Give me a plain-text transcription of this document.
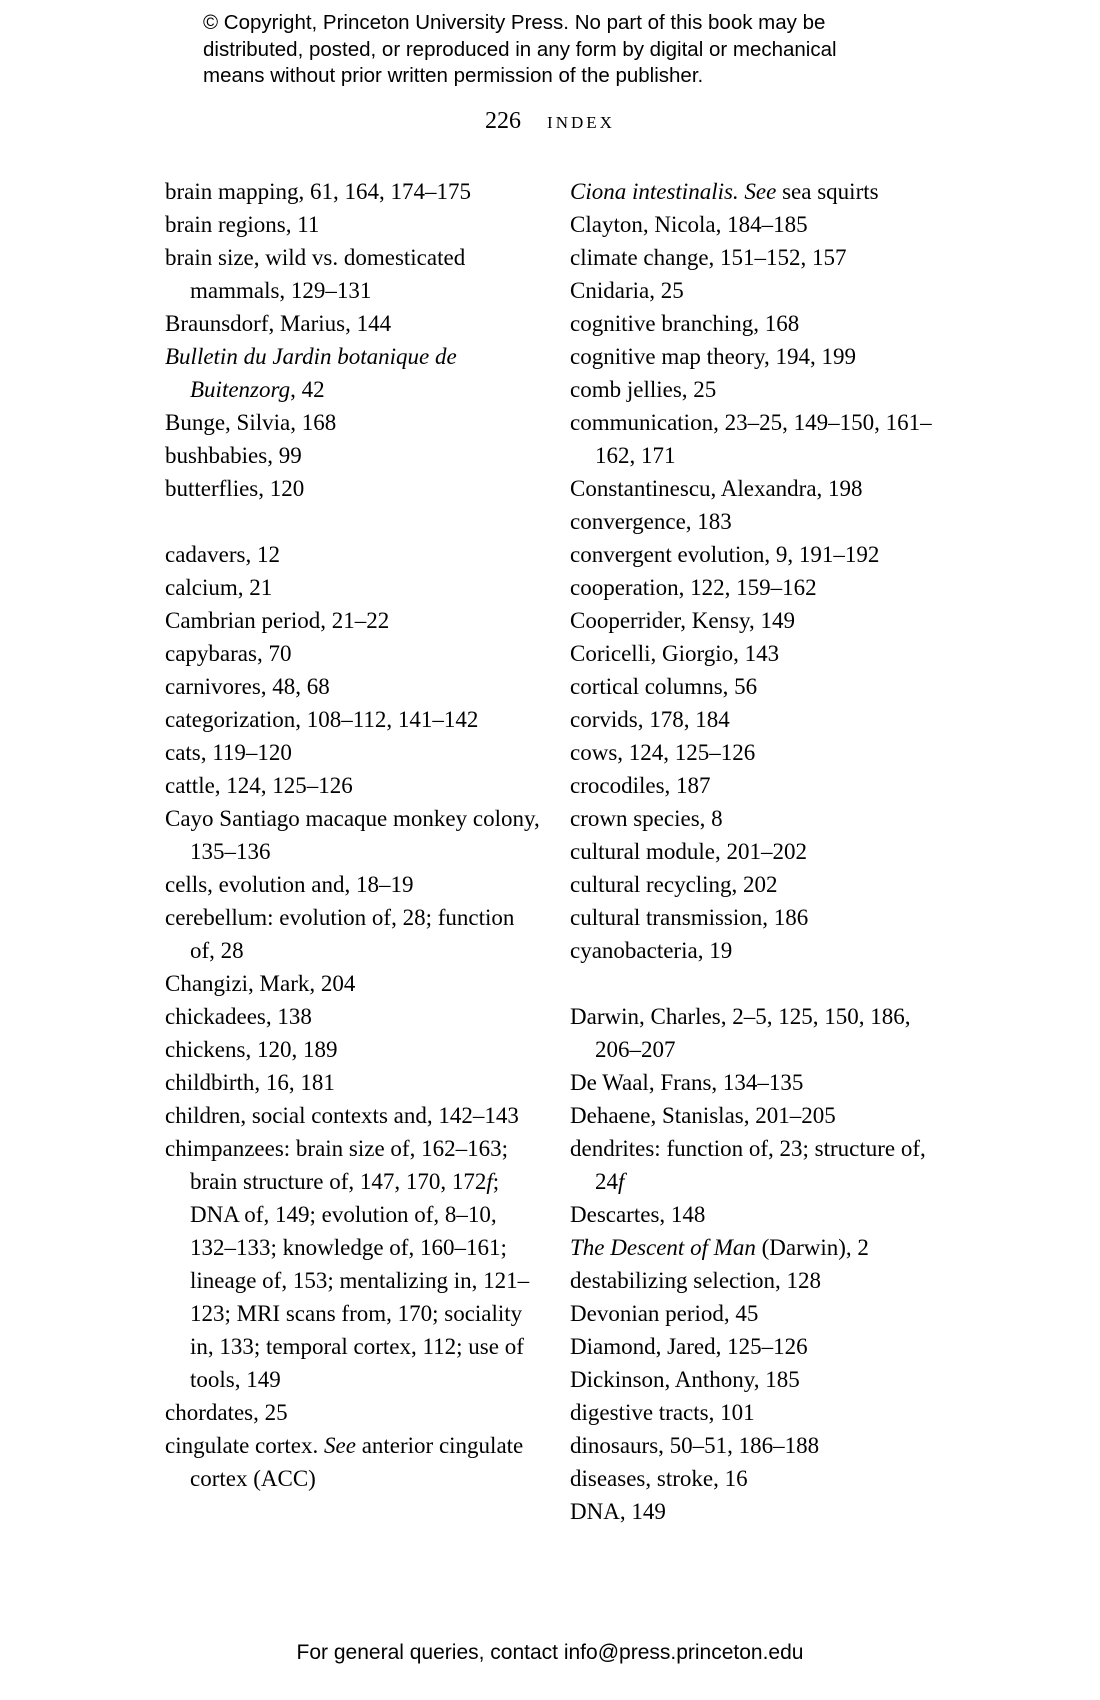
© Copyright, Princeton University Press. No part of this book may be
distributed, posted, or reproduced in any form by digital or mechanical
means without prior written permission of the publisher.
226 index
brain mapping, 61, 164, 174–175
brain regions, 11
brain size, wild vs. domesticated mammals, 129–131
Braunsdorf, Marius, 144
Bulletin du Jardin botanique de Buitenzorg, 42
Bunge, Silvia, 168
bushbabies, 99
butterflies, 120
cadavers, 12
calcium, 21
Cambrian period, 21–22
capybaras, 70
carnivores, 48, 68
categorization, 108–112, 141–142
cats, 119–120
cattle, 124, 125–126
Cayo Santiago macaque monkey colony, 135–136
cells, evolution and, 18–19
cerebellum: evolution of, 28; function of, 28
Changizi, Mark, 204
chickadees, 138
chickens, 120, 189
childbirth, 16, 181
children, social contexts and, 142–143
chimpanzees: brain size of, 162–163; brain structure of, 147, 170, 172f; DNA of, 149; evolution of, 8–10, 132–133; knowledge of, 160–161; lineage of, 153; mentalizing in, 121–123; MRI scans from, 170; sociality in, 133; temporal cortex, 112; use of tools, 149
chordates, 25
cingulate cortex. See anterior cingulate cortex (ACC)
Ciona intestinalis. See sea squirts
Clayton, Nicola, 184–185
climate change, 151–152, 157
Cnidaria, 25
cognitive branching, 168
cognitive map theory, 194, 199
comb jellies, 25
communication, 23–25, 149–150, 161–162, 171
Constantinescu, Alexandra, 198
convergence, 183
convergent evolution, 9, 191–192
cooperation, 122, 159–162
Cooperrider, Kensy, 149
Coricelli, Giorgio, 143
cortical columns, 56
corvids, 178, 184
cows, 124, 125–126
crocodiles, 187
crown species, 8
cultural module, 201–202
cultural recycling, 202
cultural transmission, 186
cyanobacteria, 19
Darwin, Charles, 2–5, 125, 150, 186, 206–207
De Waal, Frans, 134–135
Dehaene, Stanislas, 201–205
dendrites: function of, 23; structure of, 24f
Descartes, 148
The Descent of Man (Darwin), 2
destabilizing selection, 128
Devonian period, 45
Diamond, Jared, 125–126
Dickinson, Anthony, 185
digestive tracts, 101
dinosaurs, 50–51, 186–188
diseases, stroke, 16
DNA, 149
For general queries, contact info@press.princeton.edu
